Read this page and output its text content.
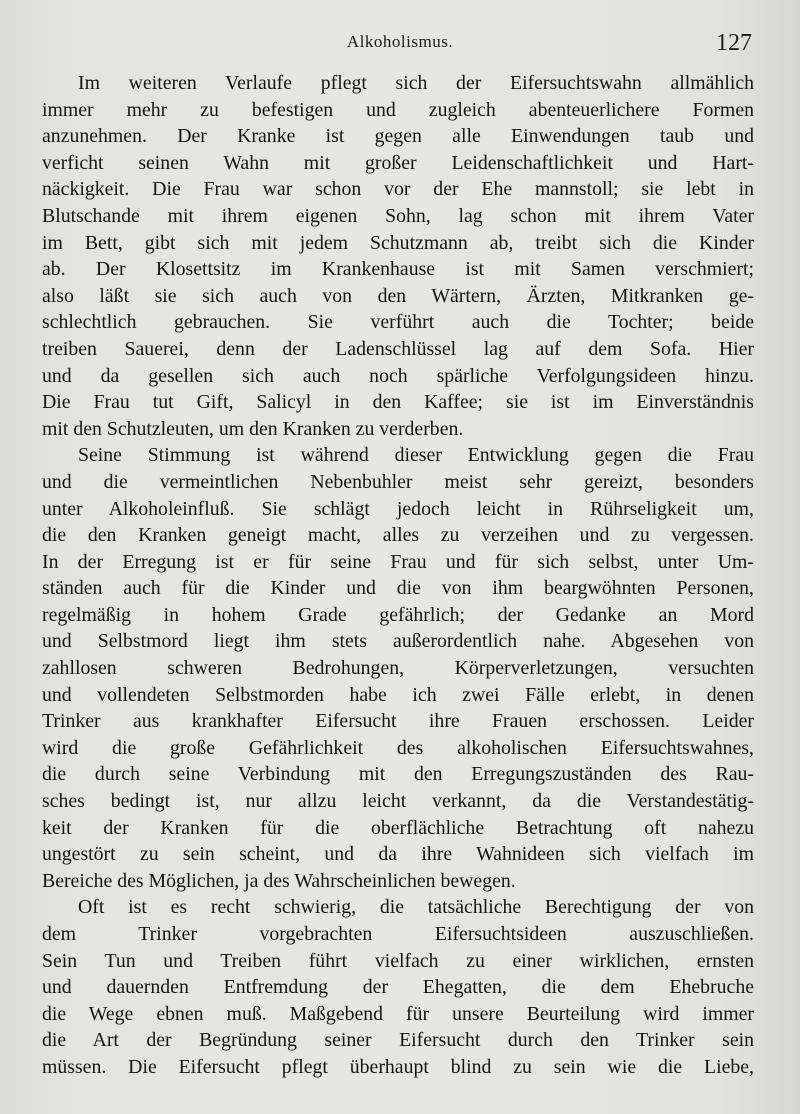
Alkoholismus.	127
Im weiteren Verlaufe pflegt sich der Eifersuchtswahn allmählich
immer mehr zu befestigen und zugleich abenteuerlichere Formen
anzunehmen. Der Kranke ist gegen alle Einwendungen taub und
verficht seinen Wahn mit großer Leidenschaftlichkeit und Hart-
näckigkeit. Die Frau war schon vor der Ehe mannstoll; sie lebt in
Blutschande mit ihrem eigenen Sohn, lag schon mit ihrem Vater
im Bett, gibt sich mit jedem Schutzmann ab, treibt sich die Kinder
ab. Der Klosettsitz im Krankenhause ist mit Samen verschmiert;
also läßt sie sich auch von den Wärtern, Ärzten, Mitkranken ge-
schlechtlich gebrauchen. Sie verführt auch die Tochter; beide
treiben Sauerei, denn der Ladenschlüssel lag auf dem Sofa. Hier
und da gesellen sich auch noch spärliche Verfolgungsideen hinzu.
Die Frau tut Gift, Salicyl in den Kaffee; sie ist im Einverständnis
mit den Schutzleuten, um den Kranken zu verderben.
Seine Stimmung ist während dieser Entwicklung gegen die Frau
und die vermeintlichen Nebenbuhler meist sehr gereizt, besonders
unter Alkoholeinfluß. Sie schlägt jedoch leicht in Rührseligkeit um,
die den Kranken geneigt macht, alles zu verzeihen und zu vergessen.
In der Erregung ist er für seine Frau und für sich selbst, unter Um-
ständen auch für die Kinder und die von ihm beargwöhnten Personen,
regelmäßig in hohem Grade gefährlich; der Gedanke an Mord
und Selbstmord liegt ihm stets außerordentlich nahe. Abgesehen von
zahllosen schweren Bedrohungen, Körperverletzungen, versuchten
und vollendeten Selbstmorden habe ich zwei Fälle erlebt, in denen
Trinker aus krankhafter Eifersucht ihre Frauen erschossen. Leider
wird die große Gefährlichkeit des alkoholischen Eifersuchtswahnes,
die durch seine Verbindung mit den Erregungszuständen des Rau-
sches bedingt ist, nur allzu leicht verkannt, da die Verstandestätig-
keit der Kranken für die oberflächliche Betrachtung oft nahezu
ungestört zu sein scheint, und da ihre Wahnideen sich vielfach im
Bereiche des Möglichen, ja des Wahrscheinlichen bewegen.
Oft ist es recht schwierig, die tatsächliche Berechtigung der von
dem Trinker vorgebrachten Eifersuchtsideen auszuschließen.
Sein Tun und Treiben führt vielfach zu einer wirklichen, ernsten
und dauernden Entfremdung der Ehegatten, die dem Ehebruche
die Wege ebnen muß. Maßgebend für unsere Beurteilung wird immer
die Art der Begründung seiner Eifersucht durch den Trinker sein
müssen. Die Eifersucht pflegt überhaupt blind zu sein wie die Liebe,
